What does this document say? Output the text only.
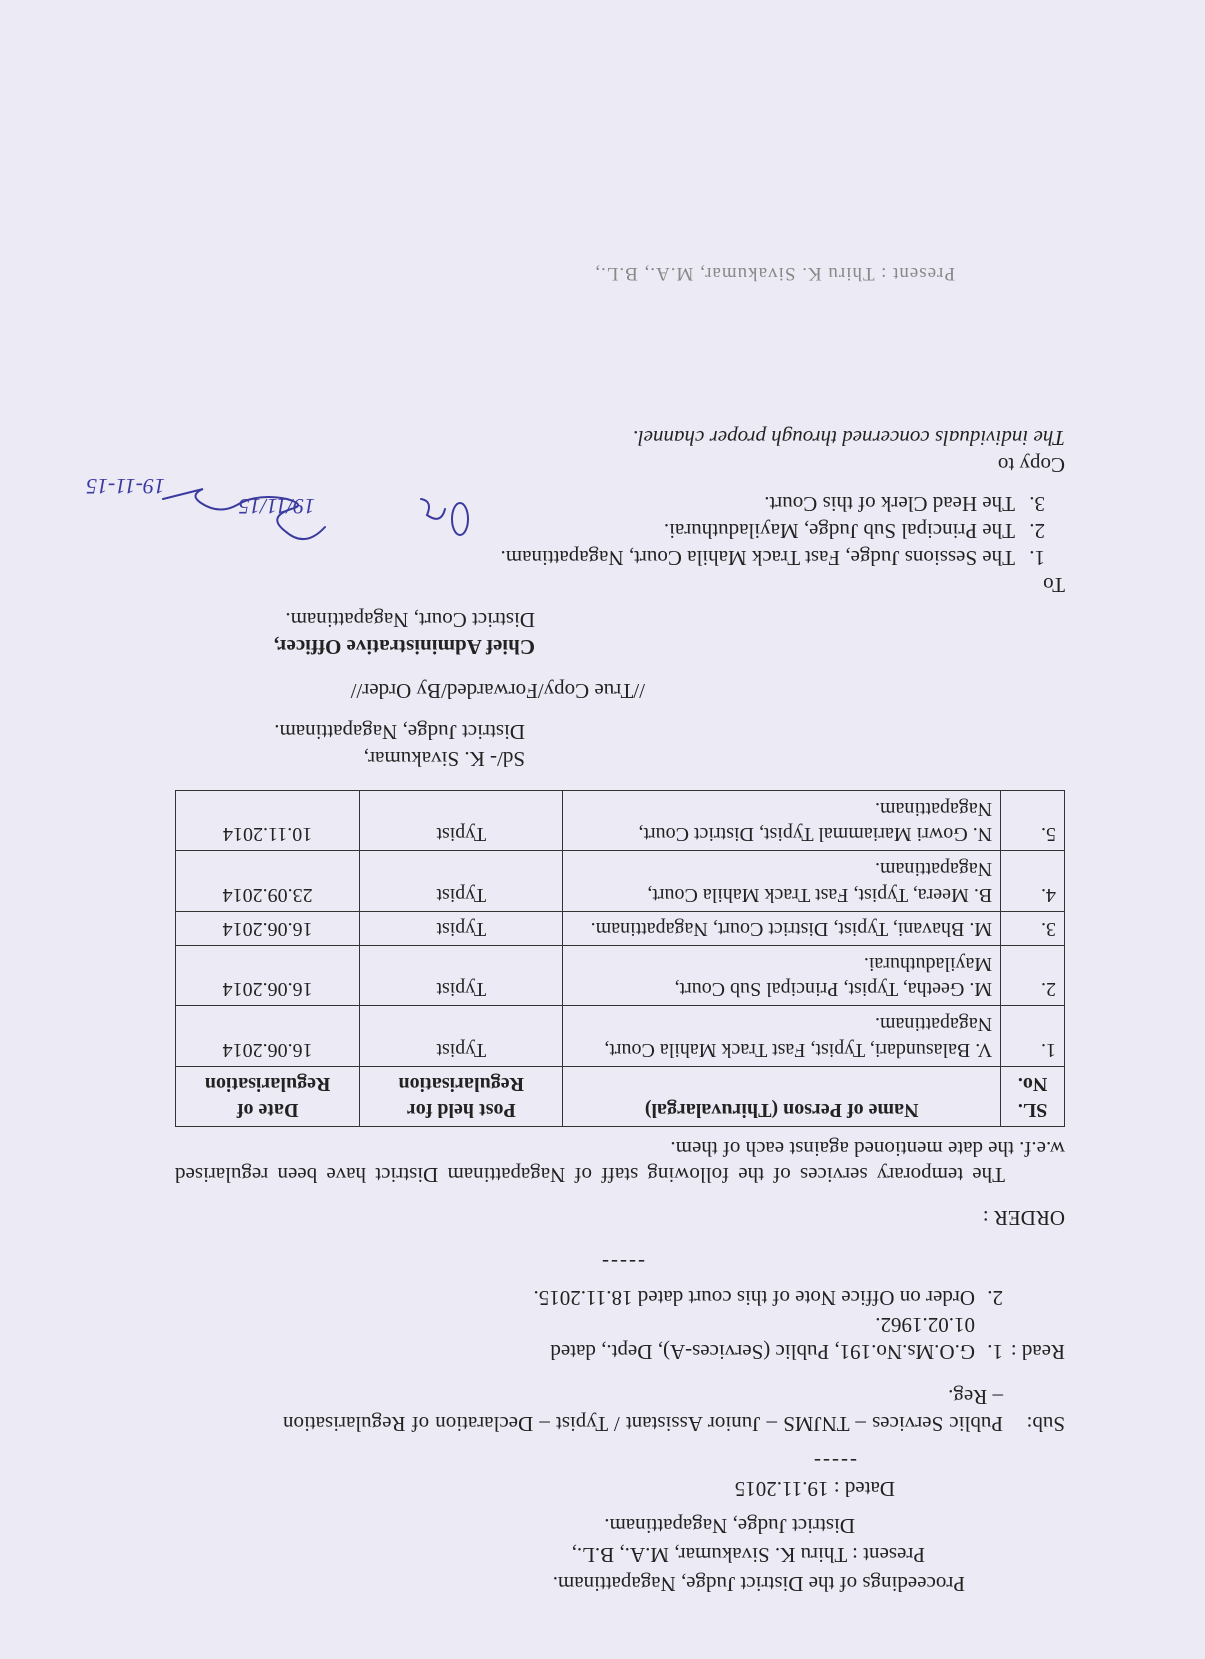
Proceedings of the District Judge, Nagapattinam.
Present : Thiru K. Sivakumar, M.A., B.L.,
District Judge, Nagapattinam.
Dated : 19.11.2015
-----
Sub:
Public Services – TNJMS – Junior Assistant / Typist – Declaration of Regularisation – Reg.
Read :
1.
G.O.Ms.No.191, Public (Services-A), Dept., dated
01.02.1962.
2.
Order on Office Note of this court dated 18.11.2015.
-----
ORDER :
The temporary services of the following staff of Nagapattinam District have been regularised w.e.f. the date mentioned against each of them.
SL. No.	Name of Person (Thiruvalargal)	Post held for Regularisation	Date of Regularisation
1.	V. Balasundari, Typist, Fast Track Mahila Court, Nagapattinam.	Typist	16.06.2014
2.	M. Geetha, Typist, Principal Sub Court, Mayiladuthurai.	Typist	16.06.2014
3.	M. Bhavani, Typist, District Court, Nagapattinam.	Typist	16.06.2014
4.	B. Meera, Typist, Fast Track Mahila Court, Nagapattinam.	Typist	23.09.2014
5.	N. Gowri Mariammal Typist, District Court, Nagapattinam.	Typist	10.11.2014
Sd/- K. Sivakumar,
District Judge, Nagapattinam.
//True Copy/Forwarded/By Order//
Chief Administrative Officer,
District Court, Nagapattinam.
To
1.
The Sessions Judge, Fast Track Mahila Court, Nagapattinam.
2.
The Principal Sub Judge, Mayiladuthurai.
3.
The Head Clerk of this Court.
Copy to
The individuals concerned through proper channel.
Present : Thiru K. Sivakumar, M.A., B.L.,
19/11/15
19-11-15
